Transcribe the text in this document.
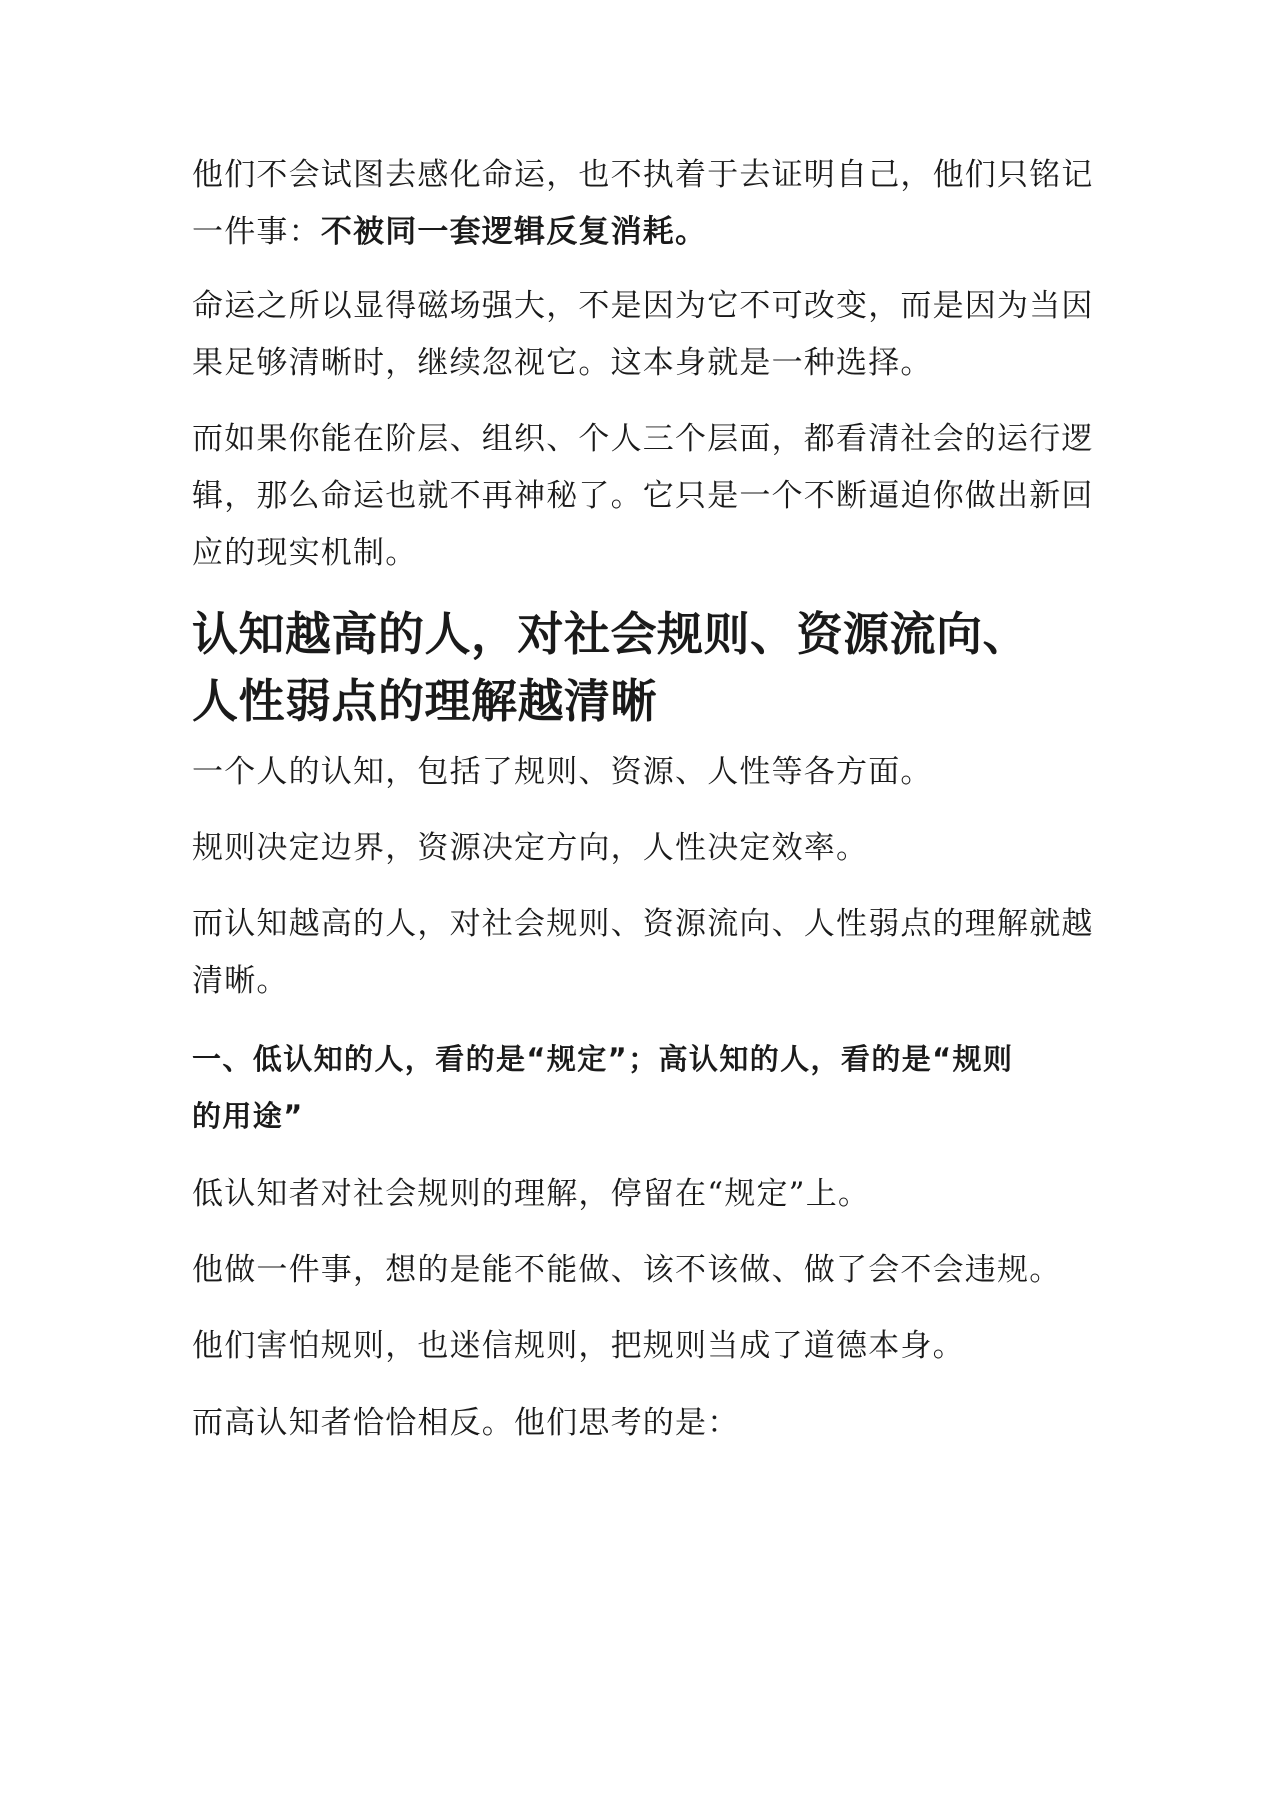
他们不会试图去感化命运，也不执着于去证明自己，他们只铭记
一件事：不被同一套逻辑反复消耗。

命运之所以显得磁场强大，不是因为它不可改变，而是因为当因
果足够清晰时，继续忽视它。这本身就是一种选择。

而如果你能在阶层、组织、个人三个层面，都看清社会的运行逻
辑，那么命运也就不再神秘了。它只是一个不断逼迫你做出新回
应的现实机制。

认知越高的人，对社会规则、资源流向、
人性弱点的理解越清晰

一个人的认知，包括了规则、资源、人性等各方面。

规则决定边界，资源决定方向，人性决定效率。

而认知越高的人，对社会规则、资源流向、人性弱点的理解就越
清晰。

一、低认知的人，看的是“规定”；高认知的人，看的是“规则
的用途”

低认知者对社会规则的理解，停留在“规定”上。

他做一件事，想的是能不能做、该不该做、做了会不会违规。

他们害怕规则，也迷信规则，把规则当成了道德本身。

而高认知者恰恰相反。他们思考的是：
